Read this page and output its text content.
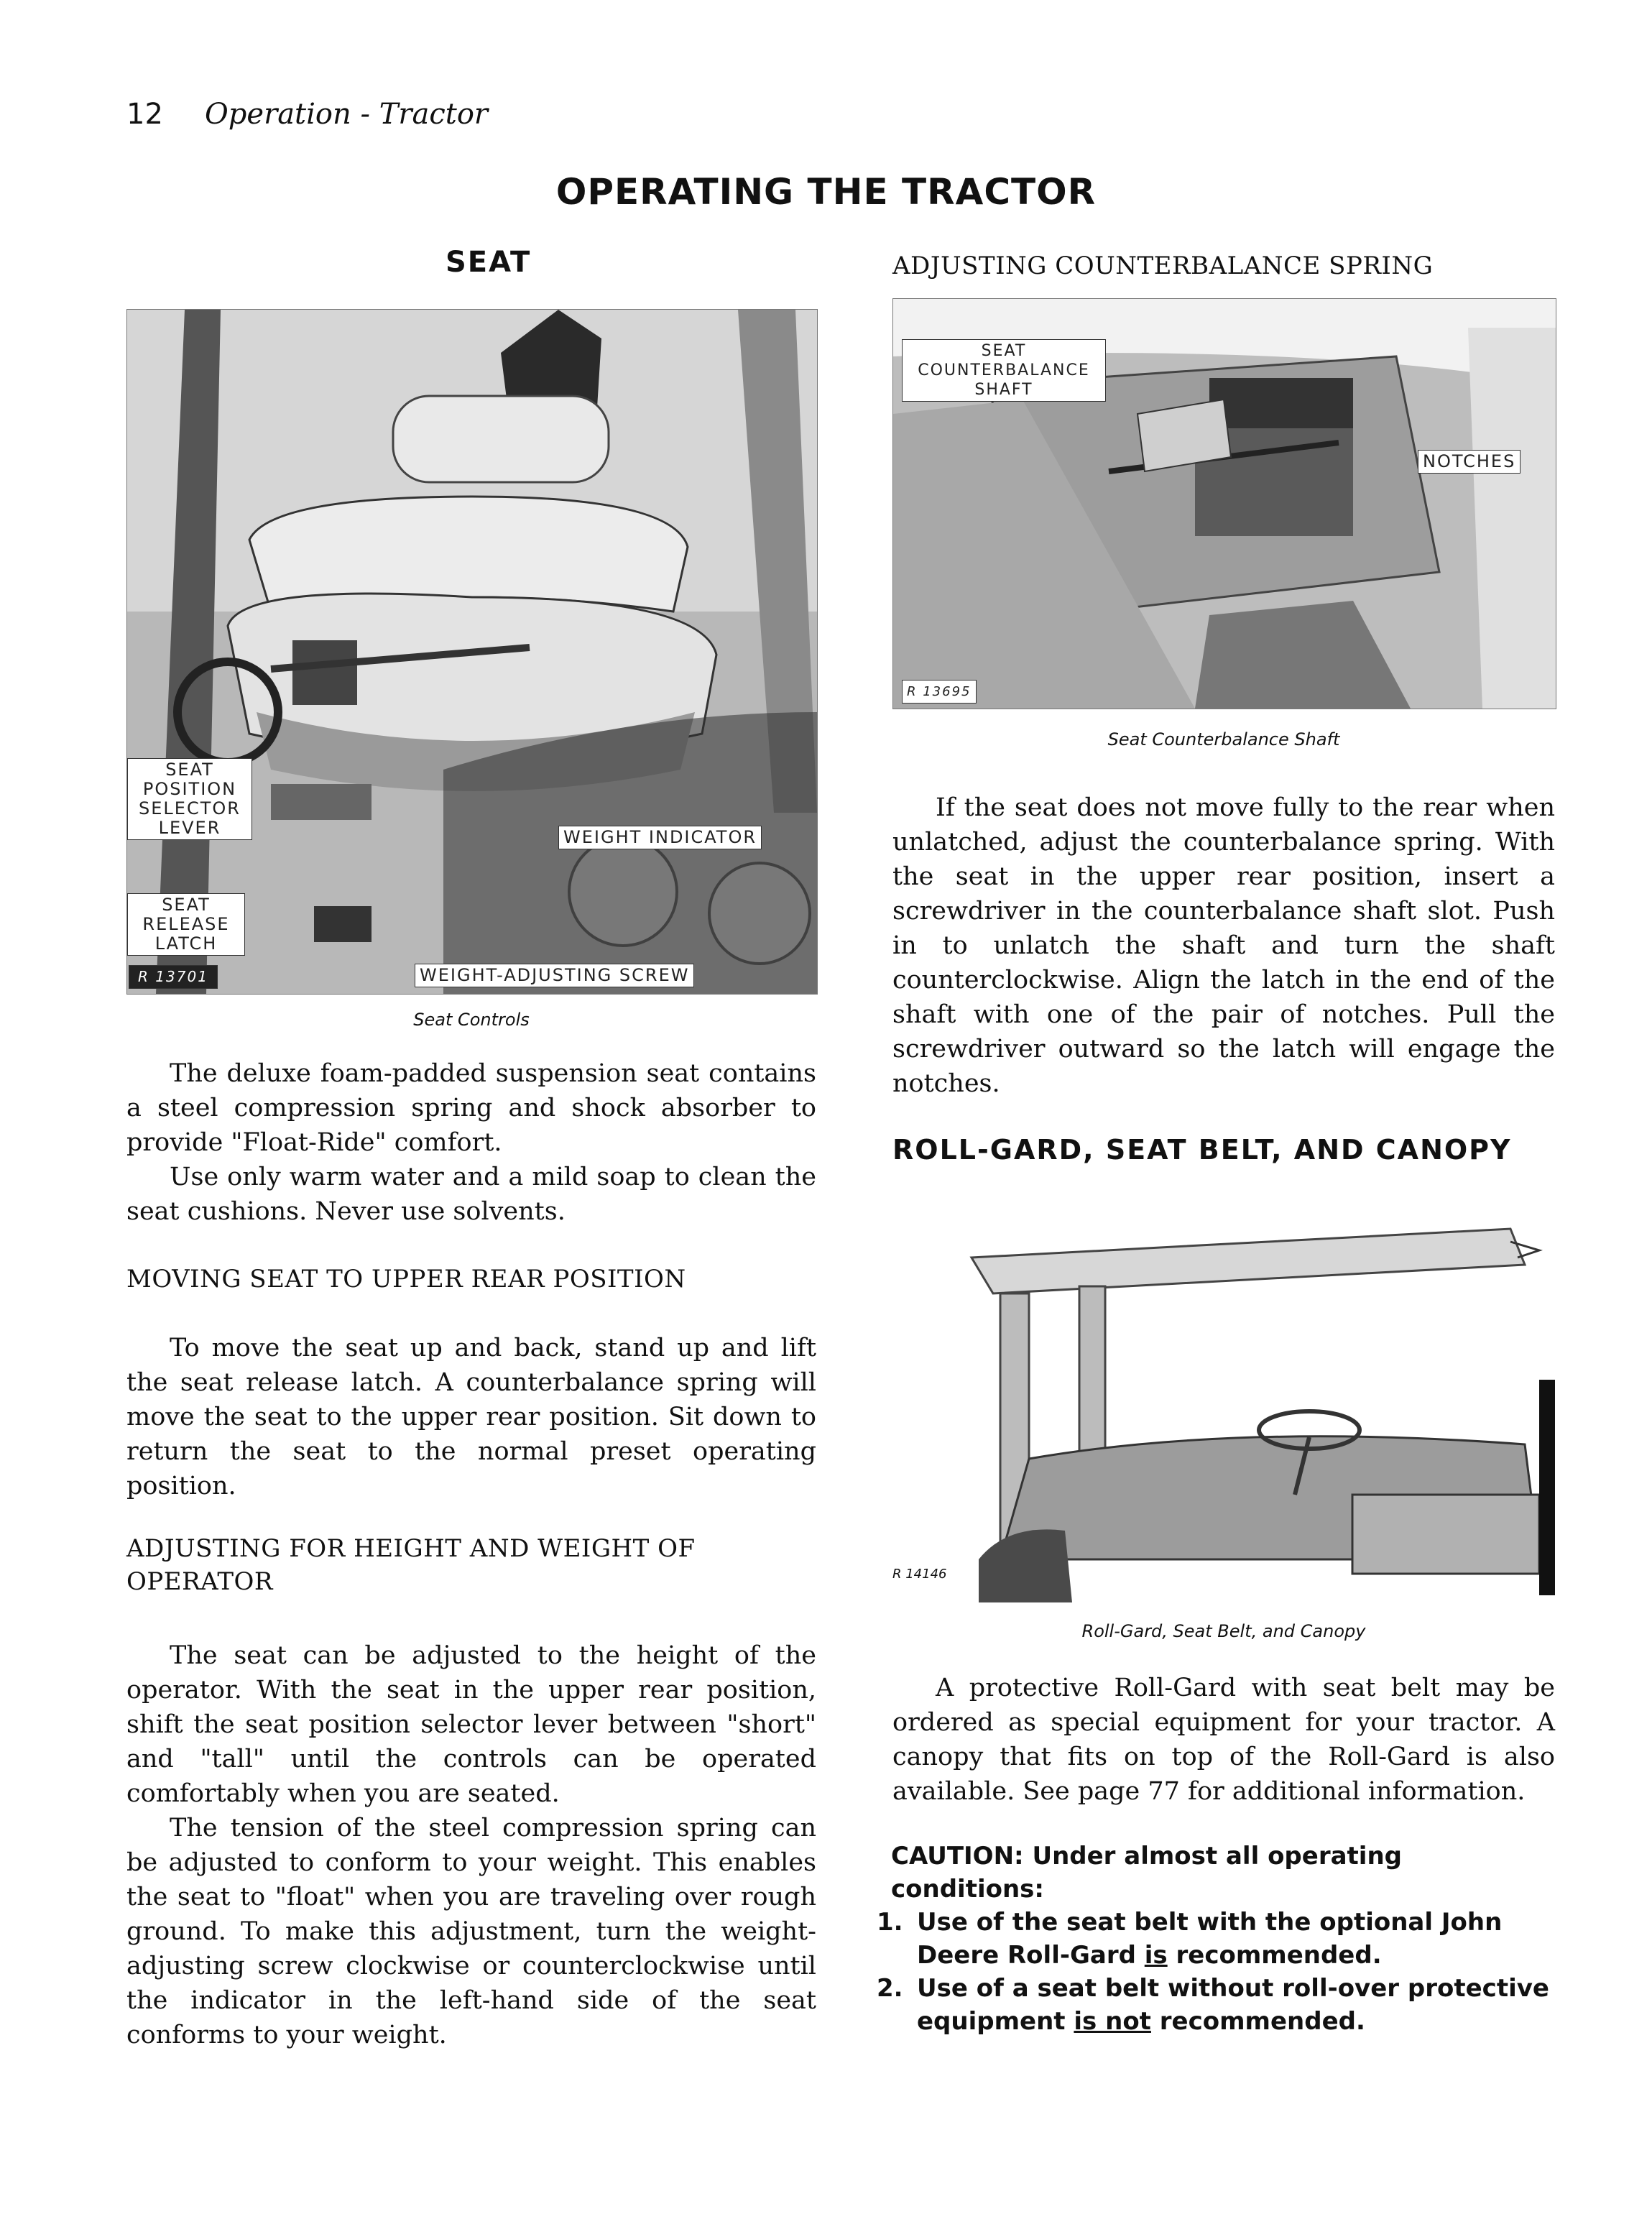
12 Operation - Tractor
OPERATING THE TRACTOR
SEAT
SEAT
POSITION
SELECTOR
LEVER
SEAT
RELEASE
LATCH
R 13701
WEIGHT INDICATOR
WEIGHT-ADJUSTING SCREW
Seat Controls

The deluxe foam-padded suspension seat contains a steel compression spring and shock absorber to provide "Float-Ride" comfort.

Use only warm water and a mild soap to clean the seat cushions. Never use solvents.

MOVING SEAT TO UPPER REAR POSITION

To move the seat up and back, stand up and lift the seat release latch. A counterbalance spring will move the seat to the upper rear position. Sit down to return the seat to the normal preset operating position.

ADJUSTING FOR HEIGHT AND WEIGHT OF
OPERATOR

The seat can be adjusted to the height of the operator. With the seat in the upper rear position, shift the seat position selector lever between "short" and "tall" until the controls can be operated comfortably when you are seated.

The tension of the steel compression spring can be adjusted to conform to your weight. This enables the seat to "float" when you are traveling over rough ground. To make this adjustment, turn the weight-adjusting screw clockwise or counterclockwise until the indicator in the left-hand side of the seat conforms to your weight.

ADJUSTING COUNTERBALANCE SPRING
SEAT
COUNTERBALANCE
SHAFT
NOTCHES
R 13695
Seat Counterbalance Shaft

If the seat does not move fully to the rear when unlatched, adjust the counterbalance spring. With the seat in the upper rear position, insert a screwdriver in the counterbalance shaft slot. Push in to unlatch the shaft and turn the shaft counterclockwise. Align the latch in the end of the shaft with one of the pair of notches. Pull the screwdriver outward so the latch will engage the notches.

ROLL-GARD, SEAT BELT, AND CANOPY
R 14146
Roll-Gard, Seat Belt, and Canopy

A protective Roll-Gard with seat belt may be ordered as special equipment for your tractor. A canopy that fits on top of the Roll-Gard is also available. See page 77 for additional information.

CAUTION: Under almost all operating conditions:
1. Use of the seat belt with the optional John Deere Roll-Gard is recommended.
2. Use of a seat belt without roll-over protective equipment is not recommended.
